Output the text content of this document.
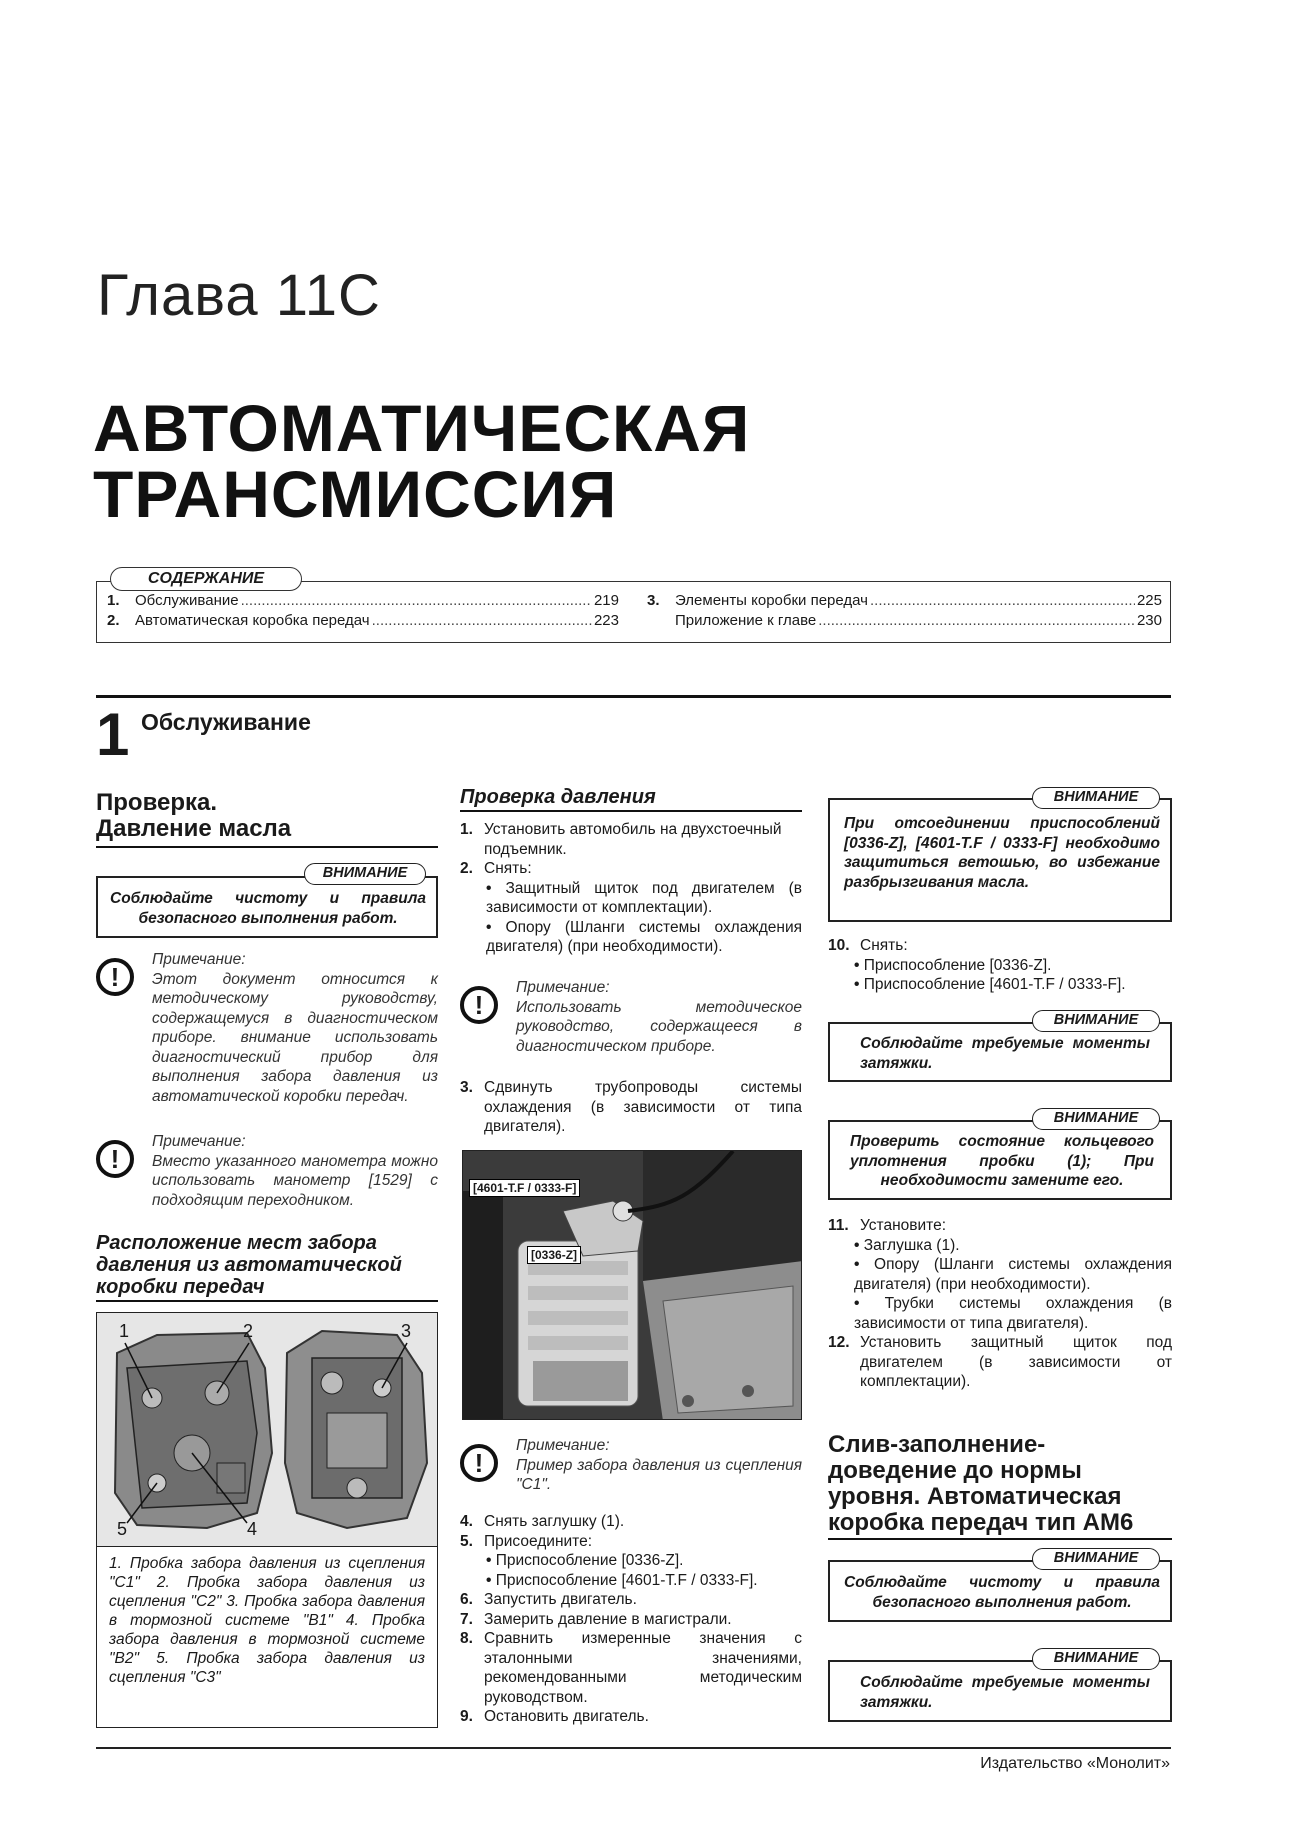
Глава 11С
АВТОМАТИЧЕСКАЯ
ТРАНСМИССИЯ
1.	Обслуживание .....	219
2.	Автоматическая коробка передач .....	223
3.	Элементы коробки передач .....	225
Приложение к главе .....	230
СОДЕРЖАНИЕ
1 Обслуживание
Проверка.
Давление масла
Соблюдайте чистоту и правила безопасного выполнения работ.
ВНИМАНИЕ
!
Примечание:
Этот документ относится к методическому руководству, содержащемуся в диагностическом приборе. внимание использовать диагностический прибор для выполнения забора давления из автоматической коробки передач.
!
Примечание:
Вместо указанного манометра можно использовать манометр [1529] с подходящим переходником.
Расположение мест забора давления из автоматической коробки передач
1	2	3
4
5
1. Пробка забора давления из сцепления "C1" 2. Пробка забора давления из сцепления "C2" 3. Пробка забора давления в тормозной системе "B1" 4. Пробка забора давления в тормозной системе "B2" 5. Пробка забора давления из сцепления "C3"
Проверка давления
1. Установить автомобиль на двухстоечный подъемник.
2. Снять:
• Защитный щиток под двигателем (в зависимости от комплектации).
• Опору (Шланги системы охлаждения двигателя) (при необходимости).
!
Примечание:
Использовать методическое руководство, содержащееся в диагностическом приборе.
3. Сдвинуть трубопроводы системы охлаждения (в зависимости от типа двигателя).
[4601-T.F / 0333-F]
[0336-Z]
!
Примечание:
Пример забора давления из сцепления "C1".
4. Снять заглушку (1).
5. Присоедините:
• Приспособление [0336-Z].
• Приспособление [4601-T.F / 0333-F].
6. Запустить двигатель.
7. Замерить давление в магистрали.
8. Сравнить измеренные значения с эталонными значениями, рекомендованными методическим руководством.
9. Остановить двигатель.
При отсоединении приспособлений [0336-Z], [4601-T.F / 0333-F] необходимо защититься ветошью, во избежание разбрызгивания масла.
ВНИМАНИЕ
10. Снять:
• Приспособление [0336-Z].
• Приспособление [4601-T.F / 0333-F].
Соблюдайте требуемые моменты затяжки.
ВНИМАНИЕ
Проверить состояние кольцевого уплотнения пробки (1); При необходимости замените его.
ВНИМАНИЕ
11. Установите:
• Заглушка (1).
• Опору (Шланги системы охлаждения двигателя) (при необходимости).
• Трубки системы охлаждения (в зависимости от типа двигателя).
12. Установить защитный щиток под двигателем (в зависимости от комплектации).
Слив-заполнение-доведение до нормы уровня. Автоматическая коробка передач тип AM6
Соблюдайте чистоту и правила безопасного выполнения работ.
ВНИМАНИЕ
Соблюдайте требуемые моменты затяжки.
ВНИМАНИЕ
Издательство «Монолит»
